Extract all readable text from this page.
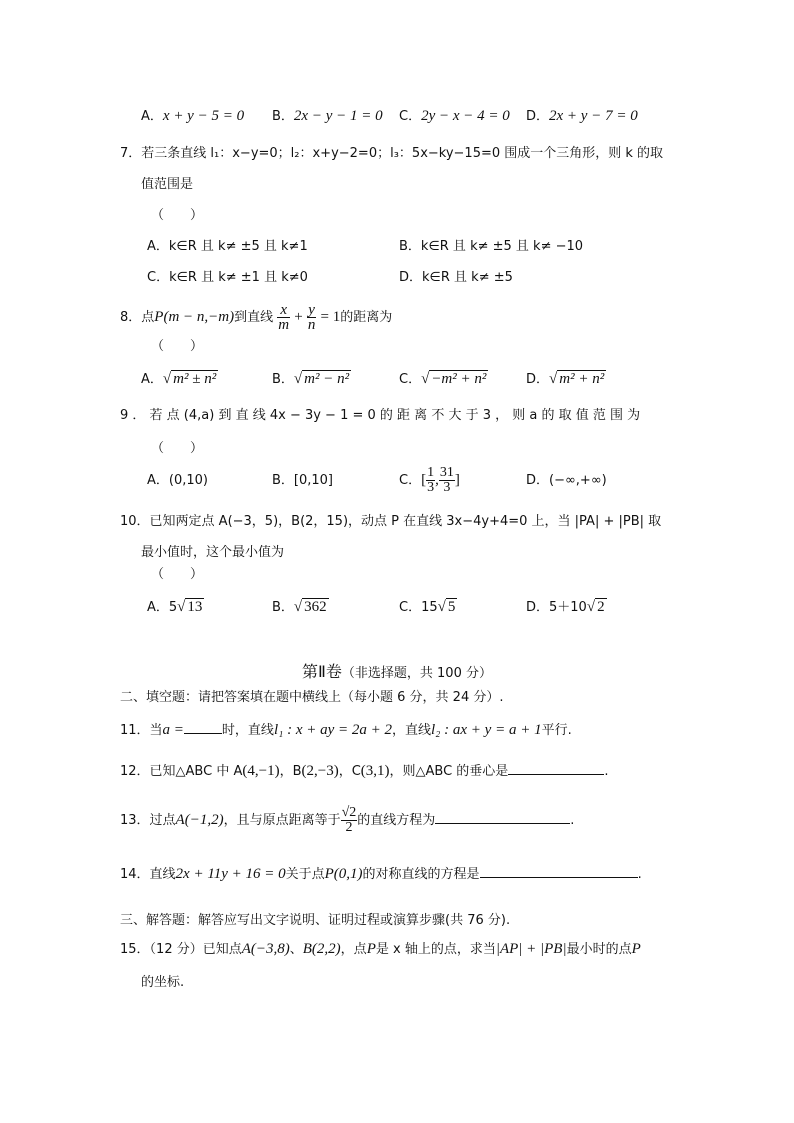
A．x + y − 5 = 0 B．2x − y − 1 = 0 C．2y − x − 4 = 0 D．2x + y − 7 = 0
7．若三条直线 l₁：x−y=0；l₂：x+y−2=0；l₃：5x−ky−15=0 围成一个三角形，则 k 的取
值范围是
（　　）
A．k∈R 且 k≠ ±5 且 k≠1	B．k∈R 且 k≠ ±5 且 k≠ −10
C．k∈R 且 k≠ ±1 且 k≠0	D．k∈R 且 k≠ ±5
8．点P(m − n,−m)到直线 $\frac{x}{m} + \frac{y}{n} = 1$的距离为
（　　）
A．√ m² ± n²	B．√ m² − n²	C．√ −m² + n²	D．√ m² + n²
9 ． 若 点 (4,a) 到 直 线 4x − 3y − 1 = 0 的 距 离 不 大 于 3 ， 则 a 的 取 值 范 围 为
（　　）
A．(0,10)	B．[0,10]	C．[ $\frac{1}{3}$ , $\frac{31}{3}$ ]	D．(−∞,+∞)
10．已知两定点 A(−3，5)，B(2，15)，动点 P 在直线 3x−4y+4=0 上，当 |PA| + |PB| 取
最小值时，这个最小值为
（　　）
A．5√ 13	B．√ 362	C．15√ 5	D．5＋10√ 2
第Ⅱ卷（非选择题，共 100 分）
二、填空题：请把答案填在题中横线上（每小题 6 分，共 24 分）.
11．当a =	时，直线l₁ : x + ay = 2a + 2，直线l₂ : ax + y = a + 1平行.
12．已知△ABC 中 A(4,−1)，B(2,−3)，C(3,1)，则△ABC 的垂心是	.
13．过点A(−1,2)，且与原点距离等于 $\frac{√2}{2}$ 的直线方程为	.
14．直线2x + 11y + 16 = 0关于点P(0,1)的对称直线的方程是	.
三、解答题：解答应写出文字说明、证明过程或演算步骤(共 76 分).
15．（12 分）已知点A(−3,8)、B(2,2)，点P是 x 轴上的点，求当|AP| + |PB|最小时的点P
的坐标.
